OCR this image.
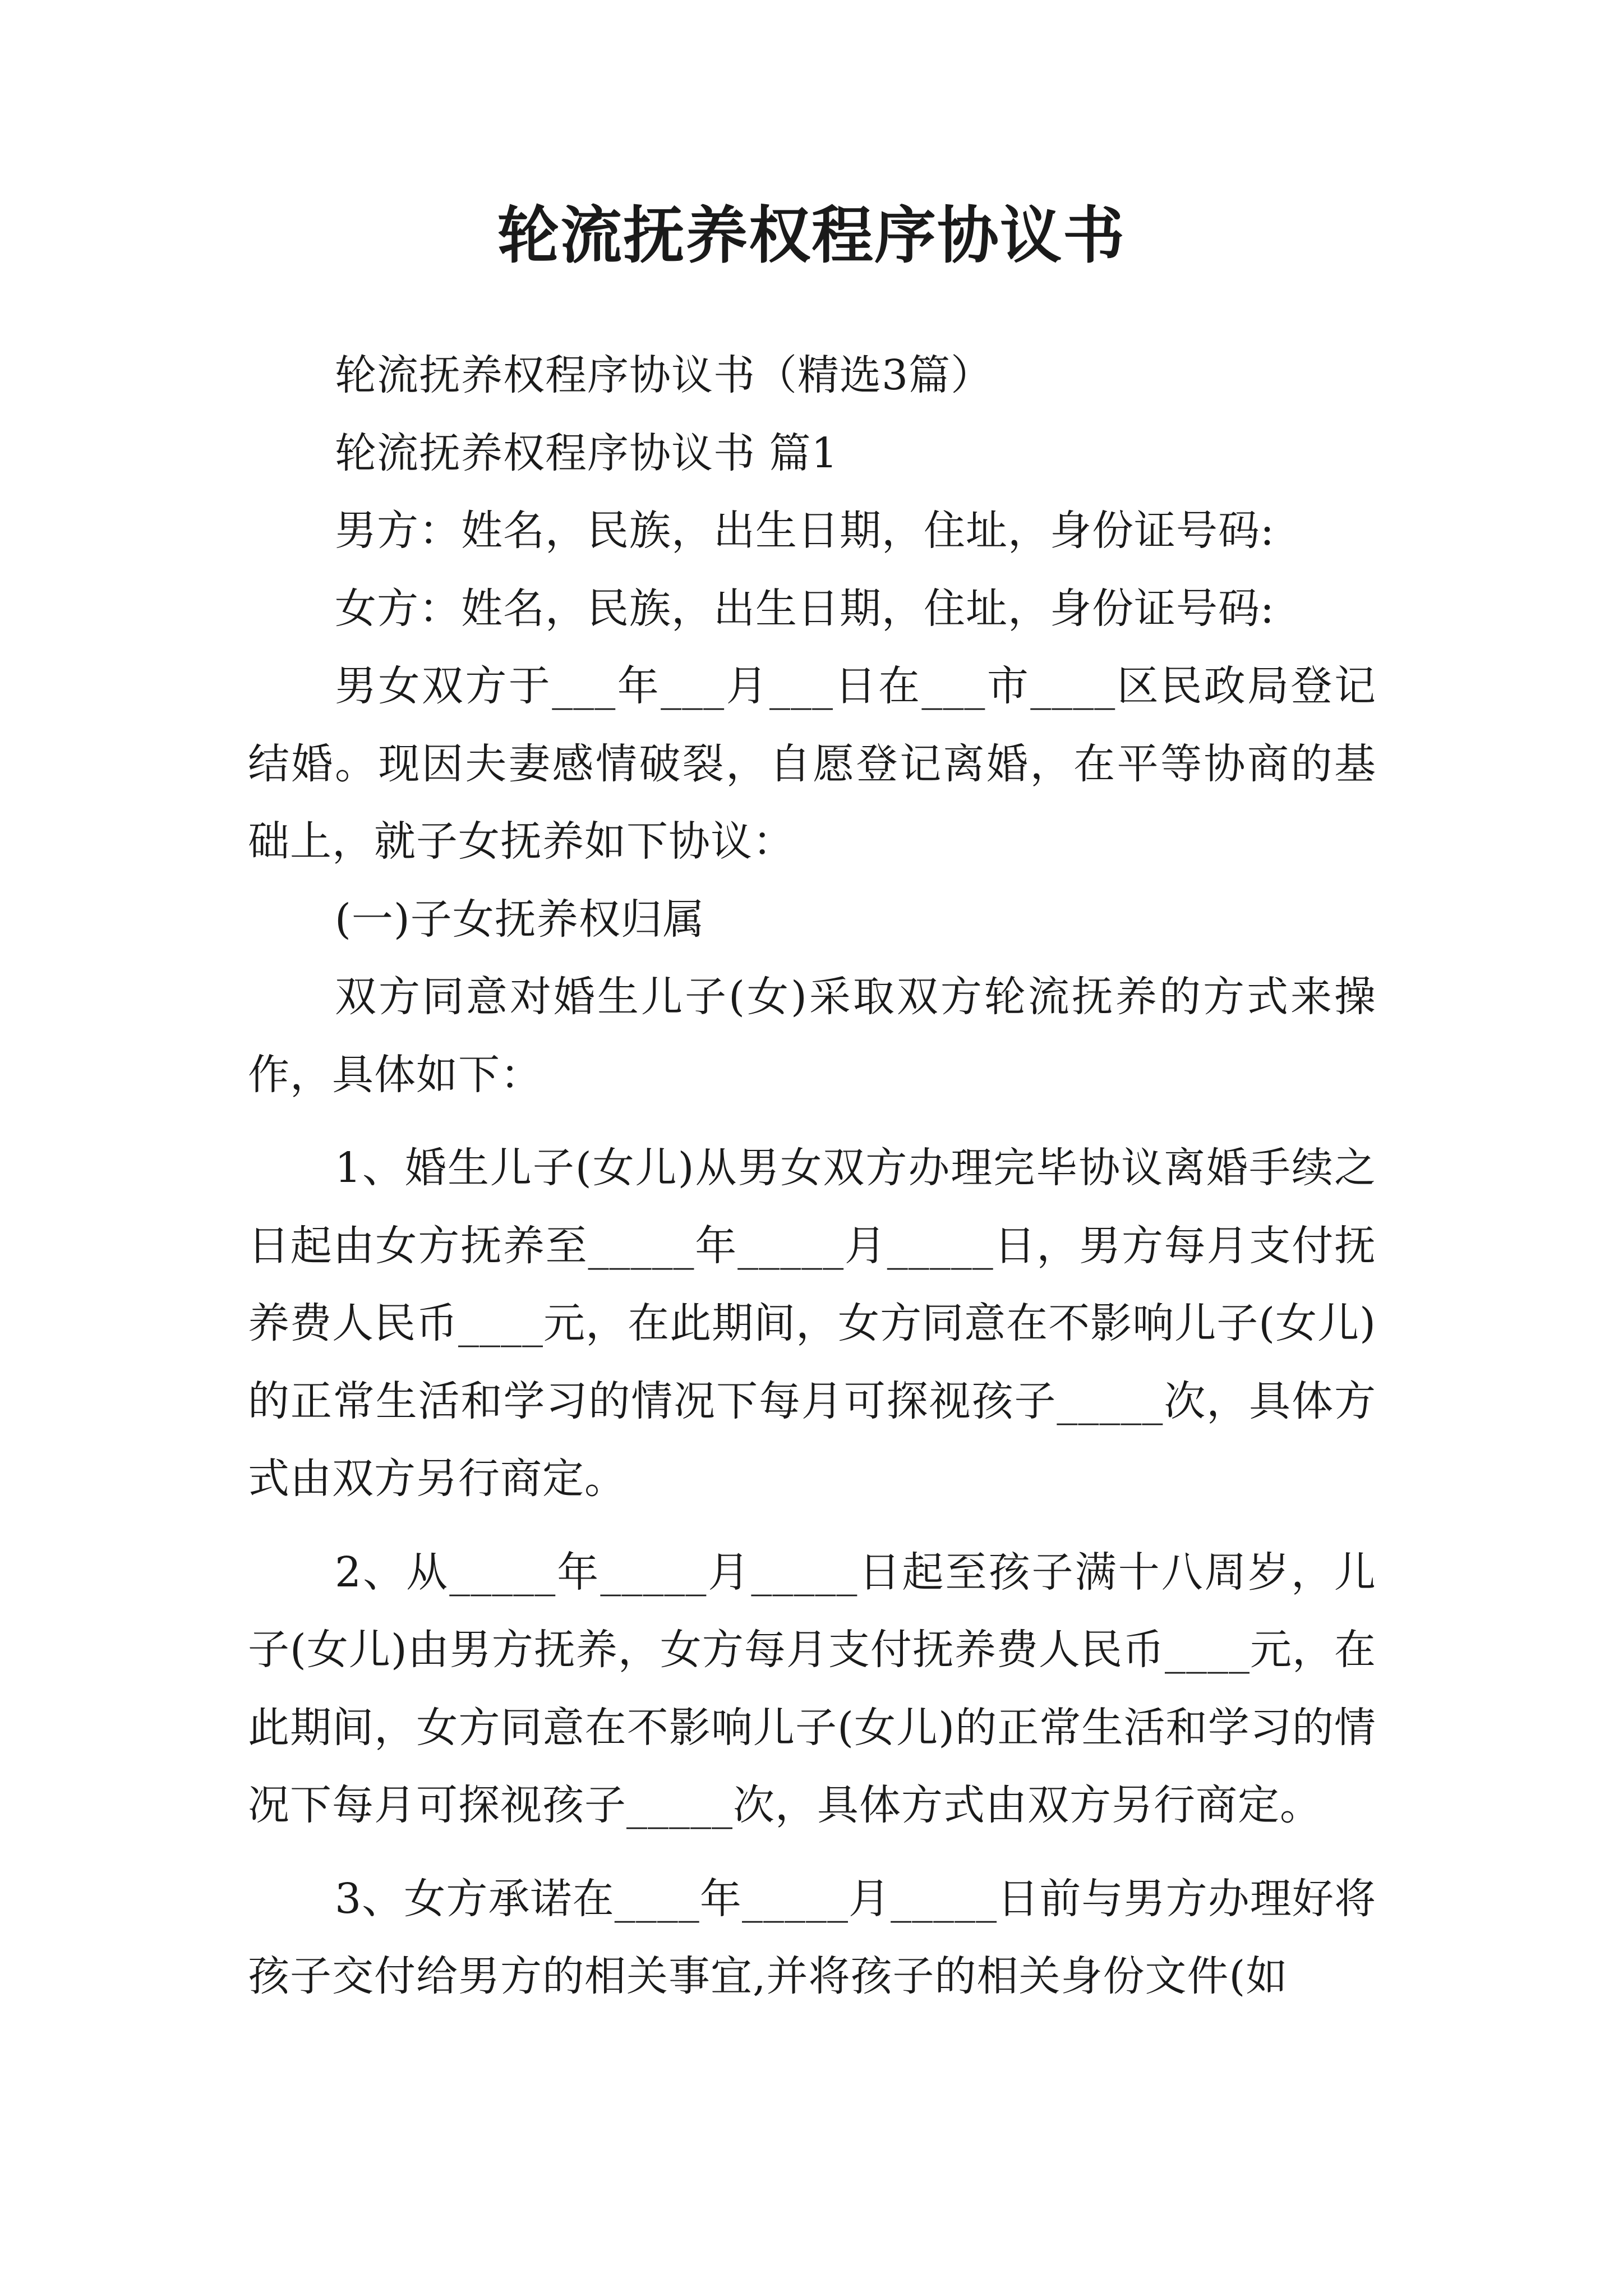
轮流抚养权程序协议书

轮流抚养权程序协议书（精选3篇）

轮流抚养权程序协议书 篇1

男方：姓名，民族，出生日期，住址，身份证号码:

女方：姓名，民族，出生日期，住址，身份证号码:

男女双方于___年___月___日在___市____区民政局登记结婚。现因夫妻感情破裂，自愿登记离婚，在平等协商的基础上，就子女抚养如下协议：

(一)子女抚养权归属

双方同意对婚生儿子(女)采取双方轮流抚养的方式来操作，具体如下：

1、婚生儿子(女儿)从男女双方办理完毕协议离婚手续之日起由女方抚养至_____年_____月_____日，男方每月支付抚养费人民币____元，在此期间，女方同意在不影响儿子(女儿)的正常生活和学习的情况下每月可探视孩子_____次，具体方式由双方另行商定。

2、从_____年_____月_____日起至孩子满十八周岁，儿子(女儿)由男方抚养，女方每月支付抚养费人民币____元，在此期间，女方同意在不影响儿子(女儿)的正常生活和学习的情况下每月可探视孩子_____次，具体方式由双方另行商定。

3、女方承诺在____年_____月_____日前与男方办理好将孩子交付给男方的相关事宜,并将孩子的相关身份文件(如
